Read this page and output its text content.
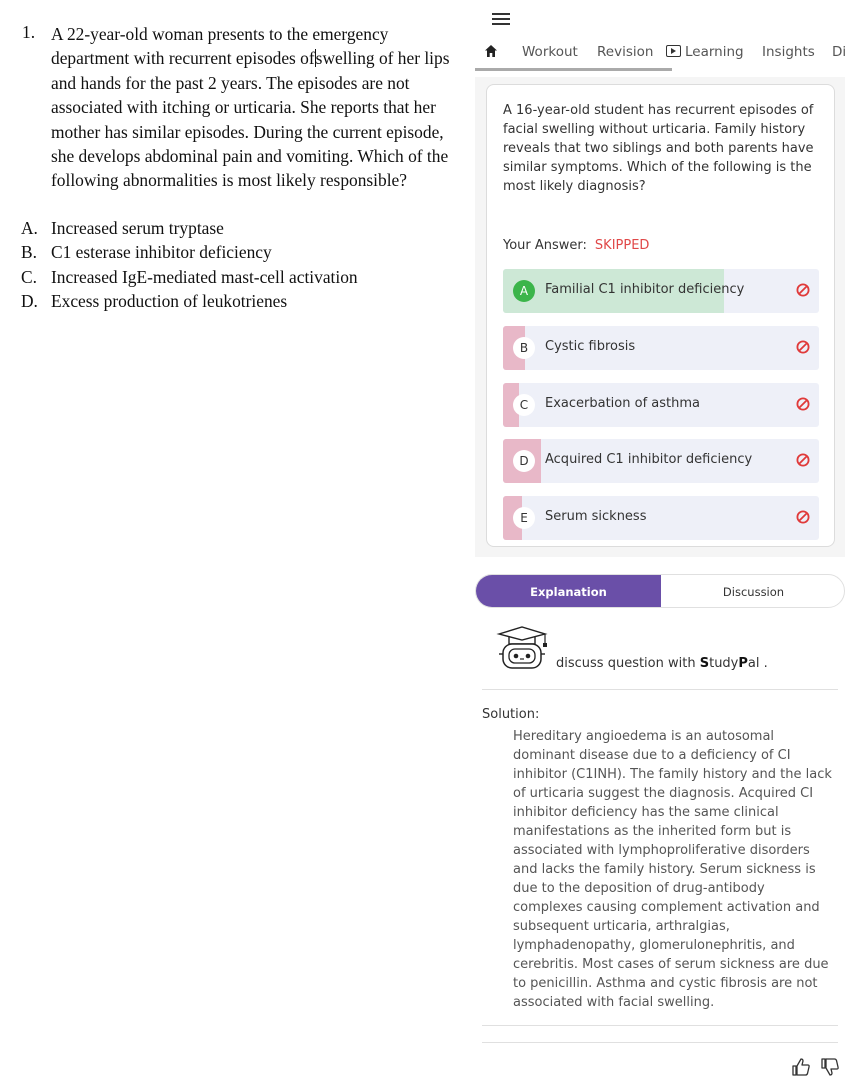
1. A 22-year-old woman presents to the emergency department with recurrent episodes ofswelling of her lips and hands for the past 2 years. The episodes are not associated with itching or urticaria. She reports that her mother has similar episodes. During the current episode, she develops abdominal pain and vomiting. Which of the following abnormalities is most likely responsible?
A. Increased serum tryptase
B. C1 esterase inhibitor deficiency
C. Increased IgE-mediated mast-cell activation
D. Excess production of leukotrienes
Workout Revision	Learning Insights Di
A 16-year-old student has recurrent episodes of facial swelling without urticaria. Family history reveals that two siblings and both parents have similar symptoms. Which of the following is the most likely diagnosis?
Your Answer: SKIPPED
A	Familial C1 inhibitor deficiency
B	Cystic fibrosis
C	Exacerbation of asthma
D	Acquired C1 inhibitor deficiency
E	Serum sickness
Explanation	Discussion
discuss question with StudyPal .
Solution:
Hereditary angioedema is an autosomal dominant disease due to a deficiency of CI inhibitor (C1INH). The family history and the lack of urticaria suggest the diagnosis. Acquired CI inhibitor deficiency has the same clinical manifestations as the inherited form but is associated with lymphoproliferative disorders and lacks the family history. Serum sickness is due to the deposition of drug-antibody complexes causing complement activation and subsequent urticaria, arthralgias, lymphadenopathy, glomerulonephritis, and cerebritis. Most cases of serum sickness are due to penicillin. Asthma and cystic fibrosis are not associated with facial swelling.
